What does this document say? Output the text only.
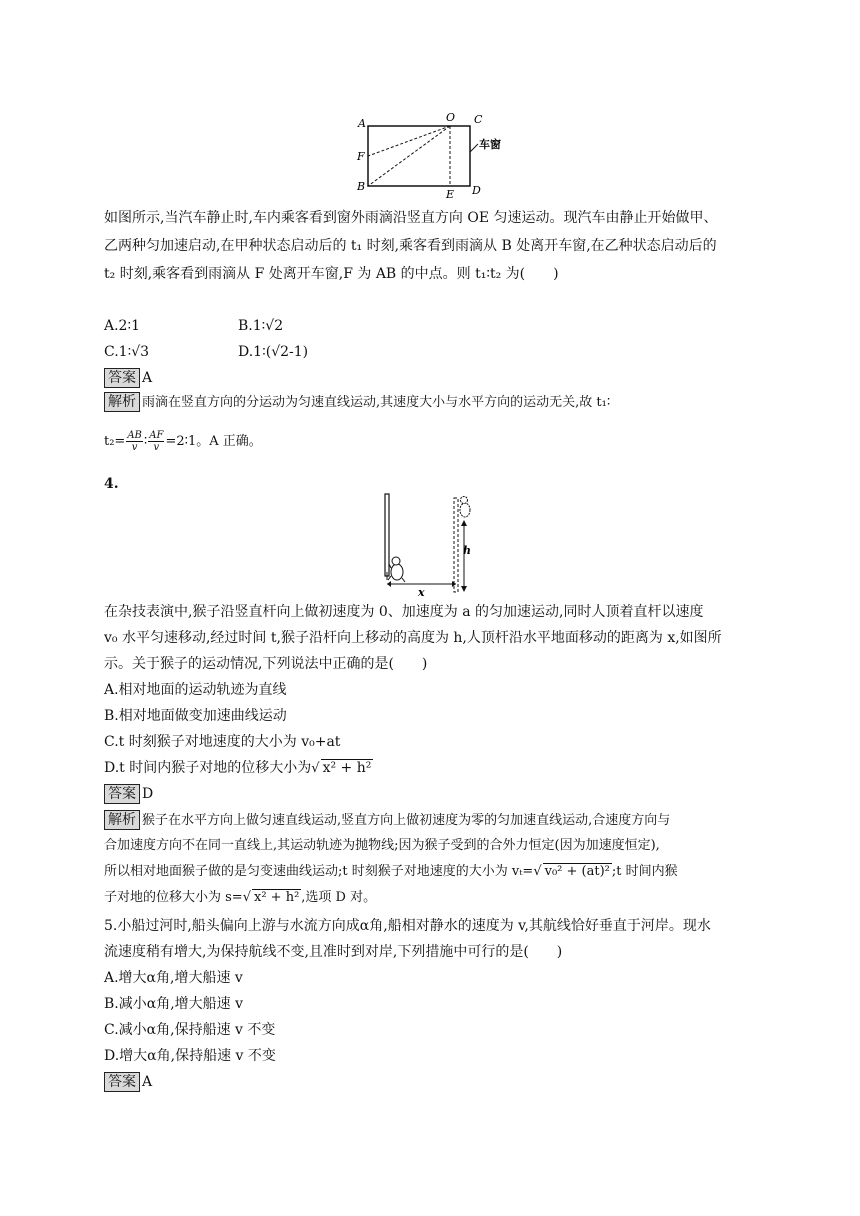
A	O C
F
B
E D
车窗
如图所示,当汽车静止时,车内乘客看到窗外雨滴沿竖直方向 OE 匀速运动。现汽车由静止开始做甲、
乙两种匀加速启动,在甲种状态启动后的 t₁ 时刻,乘客看到雨滴从 B 处离开车窗,在乙种状态启动后的
t₂ 时刻,乘客看到雨滴从 F 处离开车窗,F 为 AB 的中点。则 t₁∶t₂ 为(　　)
A.2∶1	B.1∶√2
C.1∶√3	D.1∶(√2-1)
答案 A
解析 雨滴在竖直方向的分运动为匀速直线运动,其速度大小与水平方向的运动无关,故 t₁∶
$t_2= \frac{AB}{v}$ ∶ $\frac{AF}{v}$ =2∶1。A 正确。
4.
h
x
在杂技表演中,猴子沿竖直杆向上做初速度为 0、加速度为 a 的匀加速运动,同时人顶着直杆以速度
v₀ 水平匀速移动,经过时间 t,猴子沿杆向上移动的高度为 h,人顶杆沿水平地面移动的距离为 x,如图所
示。关于猴子的运动情况,下列说法中正确的是(　　)
A.相对地面的运动轨迹为直线
B.相对地面做变加速曲线运动
C.t 时刻猴子对地速度的大小为 v₀+at
D.t 时间内猴子对地的位移大小为√ x² + h²
答案 D
解析 猴子在水平方向上做匀速直线运动,竖直方向上做初速度为零的匀加速直线运动,合速度方向与
合加速度方向不在同一直线上,其运动轨迹为抛物线;因为猴子受到的合外力恒定(因为加速度恒定),
所以相对地面猴子做的是匀变速曲线运动;t 时刻猴子对地速度的大小为 vₜ=√ v₀² + (at)² ;t 时间内猴
子对地的位移大小为 s=√ x² + h² ,选项 D 对。
5.小船过河时,船头偏向上游与水流方向成α角,船相对静水的速度为 v,其航线恰好垂直于河岸。现水
流速度稍有增大,为保持航线不变,且准时到对岸,下列措施中可行的是(　　)
A.增大α角,增大船速 v
B.减小α角,增大船速 v
C.减小α角,保持船速 v 不变
D.增大α角,保持船速 v 不变
答案 A
